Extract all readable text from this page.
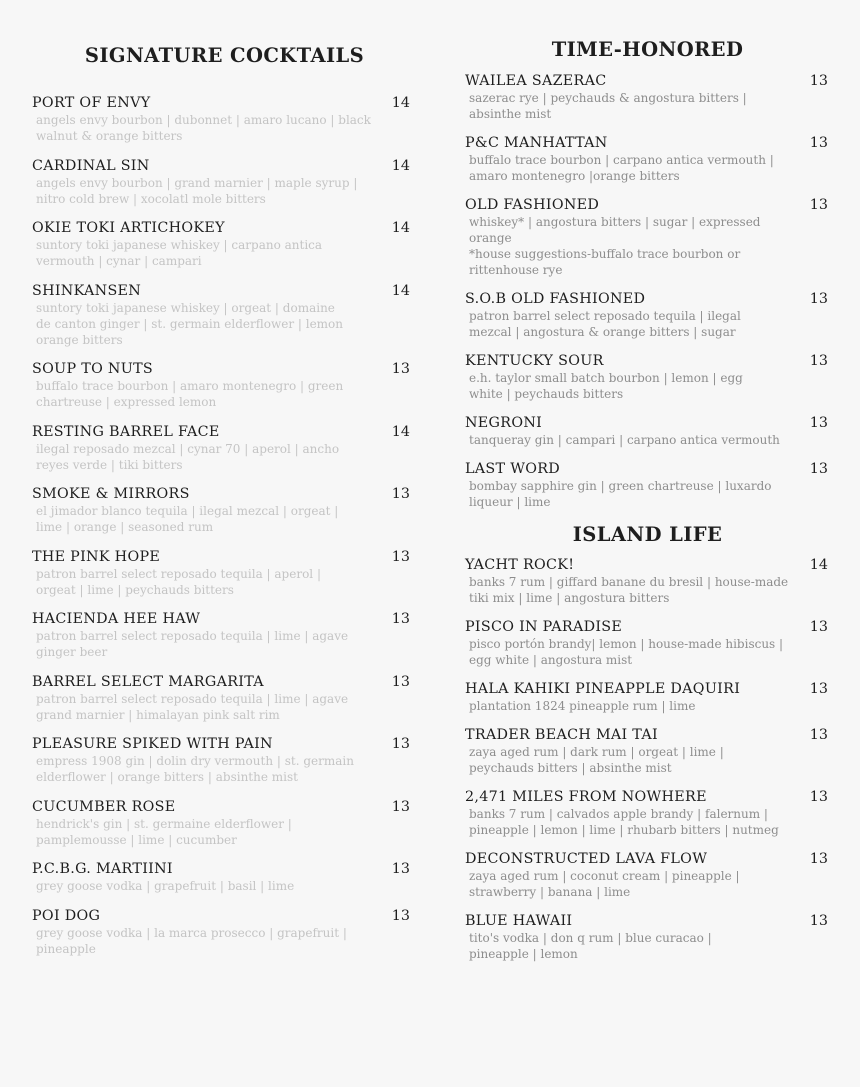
SIGNATURE COCKTAILS
PORT OF ENVY	14
angels envy bourbon | dubonnet | amaro lucano | black
walnut & orange bitters
CARDINAL SIN	14
angels envy bourbon | grand marnier | maple syrup |
nitro cold brew | xocolatl mole bitters
OKIE TOKI ARTICHOKEY	14
suntory toki japanese whiskey | carpano antica
vermouth | cynar | campari
SHINKANSEN	14
suntory toki japanese whiskey | orgeat | domaine
de canton ginger | st. germain elderflower | lemon
orange bitters
SOUP TO NUTS	13
buffalo trace bourbon | amaro montenegro | green
chartreuse | expressed lemon
RESTING BARREL FACE	14
ilegal reposado mezcal | cynar 70 | aperol | ancho
reyes verde | tiki bitters
SMOKE & MIRRORS	13
el jimador blanco tequila | ilegal mezcal | orgeat |
lime | orange | seasoned rum
THE PINK HOPE	13
patron barrel select reposado tequila | aperol |
orgeat | lime | peychauds bitters
HACIENDA HEE HAW	13
patron barrel select reposado tequila | lime | agave
ginger beer
BARREL SELECT MARGARITA	13
patron barrel select reposado tequila | lime | agave
grand marnier | himalayan pink salt rim
PLEASURE SPIKED WITH PAIN	13
empress 1908 gin | dolin dry vermouth | st. germain
elderflower | orange bitters | absinthe mist
CUCUMBER ROSE	13
hendrick's gin | st. germaine elderflower |
pamplemousse | lime | cucumber
P.C.B.G. MARTIINI	13
grey goose vodka | grapefruit | basil | lime
POI DOG	13
grey goose vodka | la marca prosecco | grapefruit |
pineapple
TIME-HONORED
WAILEA SAZERAC	13
sazerac rye | peychauds & angostura bitters |
absinthe mist
P&C MANHATTAN	13
buffalo trace bourbon | carpano antica vermouth |
amaro montenegro |orange bitters
OLD FASHIONED	13
whiskey* | angostura bitters | sugar | expressed
orange
*house suggestions-buffalo trace bourbon or
rittenhouse rye
S.O.B OLD FASHIONED	13
patron barrel select reposado tequila | ilegal
mezcal | angostura & orange bitters | sugar
KENTUCKY SOUR	13
e.h. taylor small batch bourbon | lemon | egg
white | peychauds bitters
NEGRONI	13
tanqueray gin | campari | carpano antica vermouth
LAST WORD	13
bombay sapphire gin | green chartreuse | luxardo
liqueur | lime
ISLAND LIFE
YACHT ROCK!	14
banks 7 rum | giffard banane du bresil | house-made
tiki mix | lime | angostura bitters
PISCO IN PARADISE	13
pisco portón brandy| lemon | house-made hibiscus |
egg white | angostura mist
HALA KAHIKI PINEAPPLE DAQUIRI	13
plantation 1824 pineapple rum | lime
TRADER BEACH MAI TAI	13
zaya aged rum | dark rum | orgeat | lime |
peychauds bitters | absinthe mist
2,471 MILES FROM NOWHERE	13
banks 7 rum | calvados apple brandy | falernum |
pineapple | lemon | lime | rhubarb bitters | nutmeg
DECONSTRUCTED LAVA FLOW	13
zaya aged rum | coconut cream | pineapple |
strawberry | banana | lime
BLUE HAWAII	13
tito's vodka | don q rum | blue curacao |
pineapple | lemon
